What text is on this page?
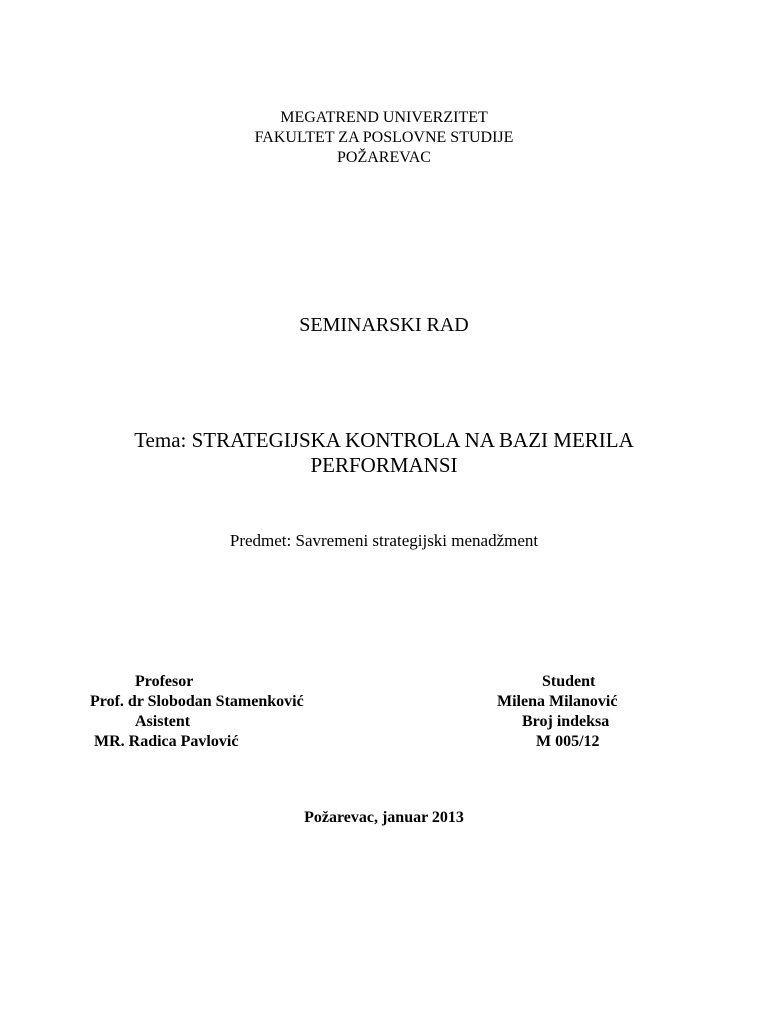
MEGATREND UNIVERZITET
FAKULTET ZA POSLOVNE STUDIJE
POŽAREVAC
SEMINARSKI RAD
Tema: STRATEGIJSKA KONTROLA NA BAZI MERILA
PERFORMANSI
Predmet: Savremeni strategijski menadžment
Profesor
Prof. dr Slobodan Stamenković
Asistent
MR. Radica Pavlović
Student
Milena Milanović
Broj indeksa
M 005/12
Požarevac, januar 2013
